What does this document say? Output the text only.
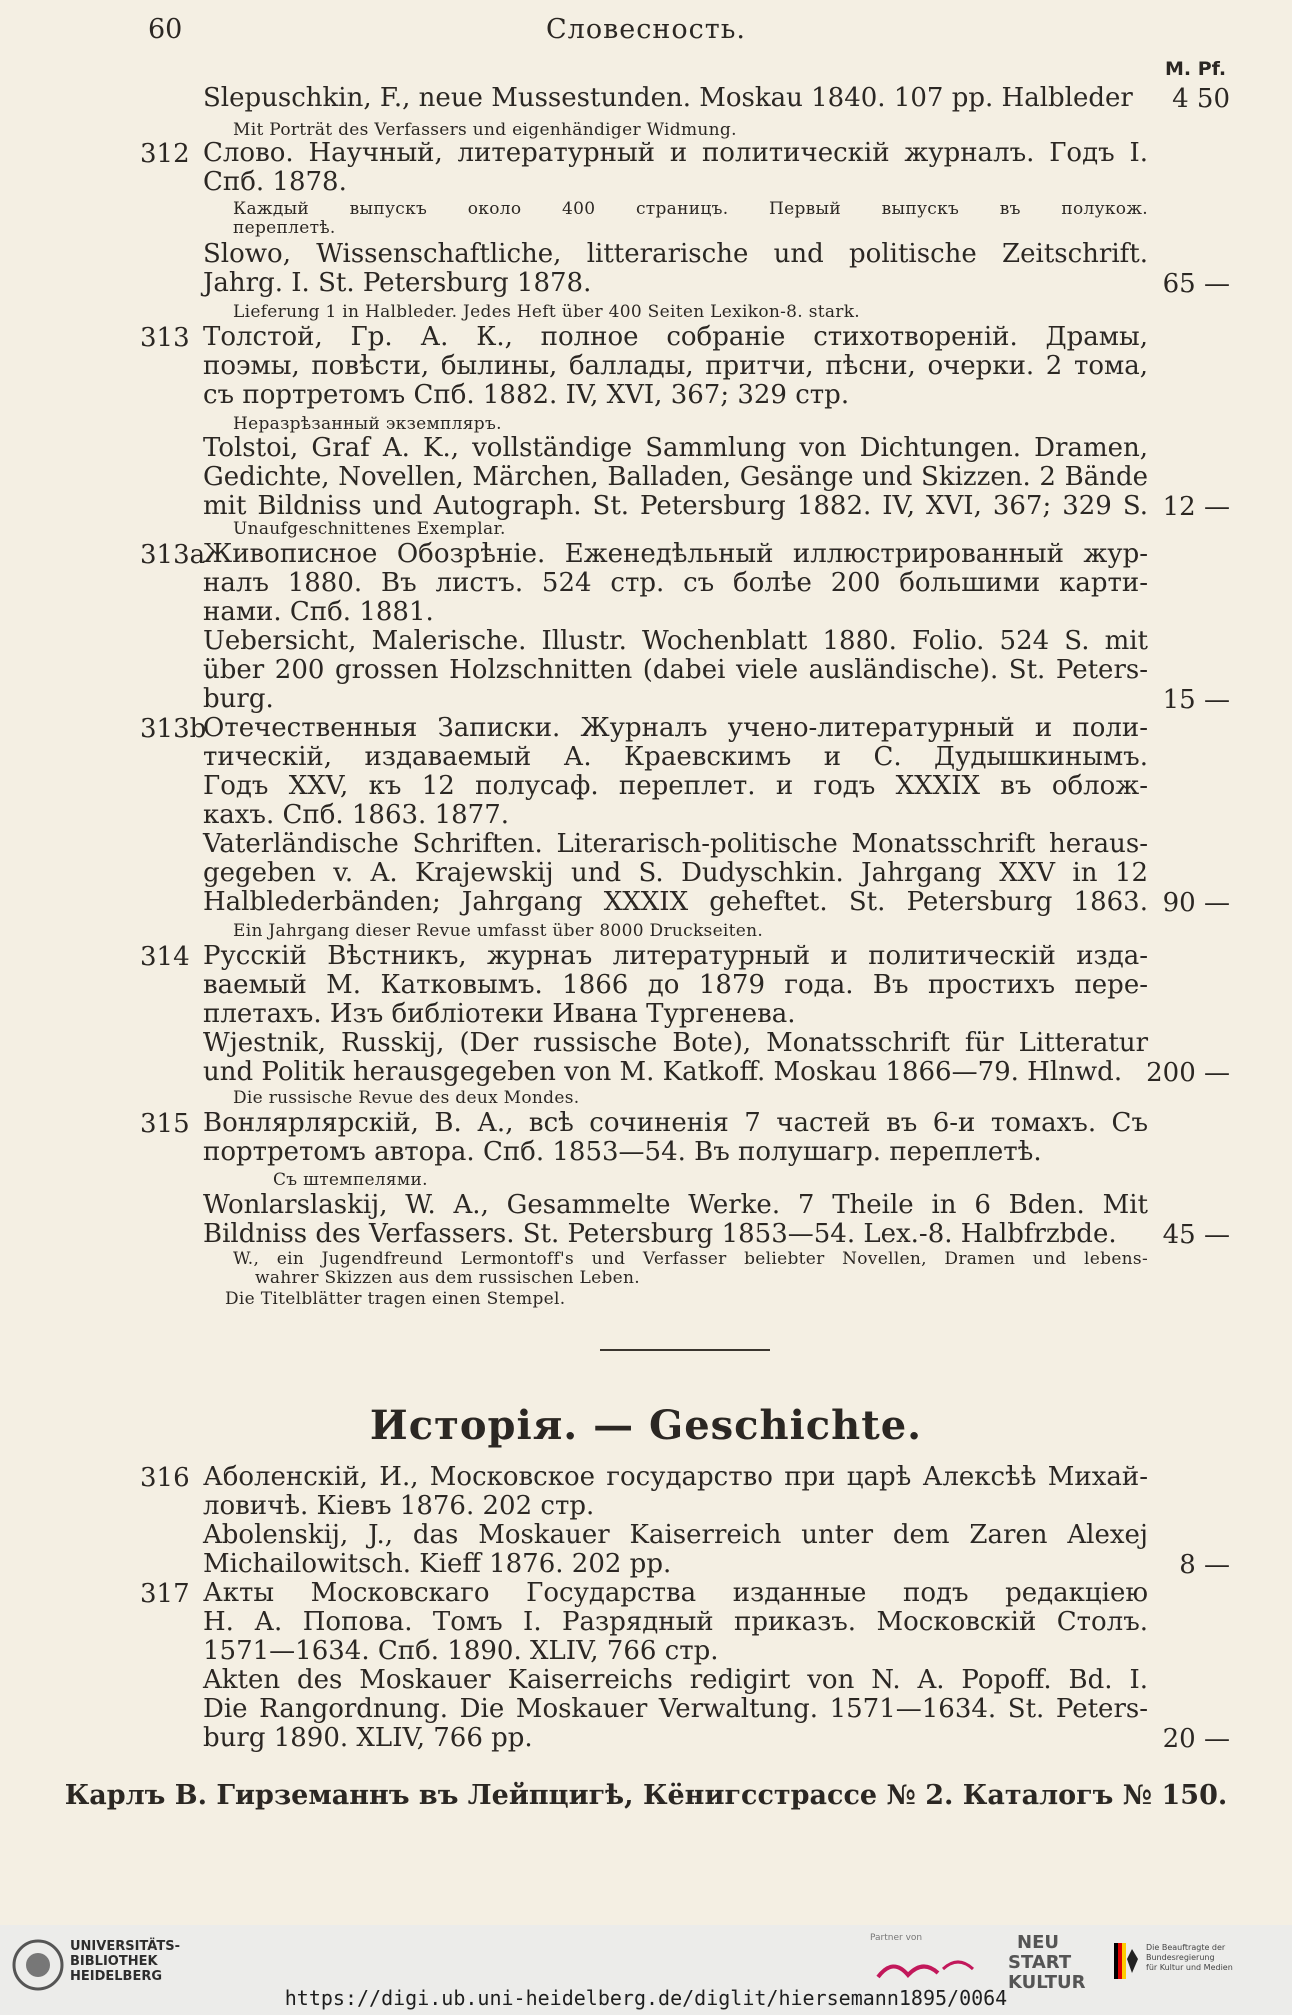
60	Словесность.
M. Pf.
Slepuschkin, F., neue Mussestunden. Moskau 1840. 107 pp. Halbleder
Mit Porträt des Verfassers und eigenhändiger Widmung.
Слово. Научный, литературный и политическій журналъ. Годъ I.
Спб. 1878.
Каждый выпускъ около 400 страницъ. Первый выпускъ въ полукож.
переплетѣ.
Slowo, Wissenschaftliche, litterarische und politische Zeitschrift.
Jahrg. I. St. Petersburg 1878.
Lieferung 1 in Halbleder. Jedes Heft über 400 Seiten Lexikon-8. stark.
Толстой, Гр. А. К., полное собраніе стихотвореній. Драмы,
поэмы, повѣсти, былины, баллады, притчи, пѣсни, очерки. 2 тома,
съ портретомъ Спб. 1882. IV, XVI, 367; 329 стр.
Неразрѣзанный экземпляръ.
Tolstoi, Graf A. K., vollständige Sammlung von Dichtungen. Dramen,
Gedichte, Novellen, Märchen, Balladen, Gesänge und Skizzen. 2 Bände
mit Bildniss und Autograph. St. Petersburg 1882. IV, XVI, 367; 329 S.
Unaufgeschnittenes Exemplar.
Живописное Обозрѣніе. Еженедѣльный иллюстрированный жур-
налъ 1880. Въ листъ. 524 стр. съ болѣе 200 большими карти-
нами. Спб. 1881.
Uebersicht, Malerische. Illustr. Wochenblatt 1880. Folio. 524 S. mit
über 200 grossen Holzschnitten (dabei viele ausländische). St. Peters-
burg.
Отечественныя Записки. Журналъ учено-литературный и поли-
тическій, издаваемый А. Краевскимъ и С. Дудышкинымъ.
Годъ XXV, къ 12 полусаф. переплет. и годъ XXXIX въ облож-
кахъ. Спб. 1863. 1877.
Vaterländische Schriften. Literarisch-politische Monatsschrift heraus-
gegeben v. A. Krajewskij und S. Dudyschkin. Jahrgang XXV in 12
Halblederbänden; Jahrgang XXXIX geheftet. St. Petersburg 1863.
Ein Jahrgang dieser Revue umfasst über 8000 Druckseiten.
Русскій Вѣстникъ, журнаъ литературный и политическій изда-
ваемый М. Катковымъ. 1866 до 1879 года. Въ простихъ пере-
плетахъ. Изъ библіотеки Ивана Тургенева.
Wjestnik, Russkij, (Der russische Bote), Monatsschrift für Litteratur
und Politik herausgegeben von M. Katkoff. Moskau 1866—79. Hlnwd.
Die russische Revue des deux Mondes.
Вонлярлярскій, В. А., всѣ сочиненія 7 частей въ 6-и томахъ. Съ
портретомъ автора. Спб. 1853—54. Въ полушагр. переплетѣ.
Съ штемпелями.
Wonlarslaskij, W. A., Gesammelte Werke. 7 Theile in 6 Bden. Mit
Bildniss des Verfassers. St. Petersburg 1853—54. Lex.-8. Halbfrzbde.
W., ein Jugendfreund Lermontoff's und Verfasser beliebter Novellen, Dramen und lebens-
wahrer Skizzen aus dem russischen Leben.
Die Titelblätter tragen einen Stempel.
Аболенскій, И., Московское государство при царѣ Алексѣѣ Михай-
ловичѣ. Кіевъ 1876. 202 стр.
Abolenskij, J., das Moskauer Kaiserreich unter dem Zaren Alexej
Michailowitsch. Kieff 1876. 202 pp.
Акты Московскаго Государства изданные подъ редакціею
Н. А. Попова. Томъ I. Разрядный приказъ. Московскій Столъ.
1571—1634. Спб. 1890. XLIV, 766 стр.
Akten des Moskauer Kaiserreichs redigirt von N. A. Popoff. Bd. I.
Die Rangordnung. Die Moskauer Verwaltung. 1571—1634. St. Peters-
burg 1890. XLIV, 766 pp.
312
313
313a
313b
314
315
316
317
4 50
65 —
12 —
15 —
90 —
200 —
45 —
8 —
20 —
Исторія. — Geschichte.
Карлъ В. Гирземаннъ въ Лейпцигѣ, Кёнигсстрассе № 2. Каталогъ № 150.
UNIVERSITÄTS-
BIBLIOTHEK
HEIDELBERG
Partner von	NEU
START
KULTUR
Die Beauftragte der Bundesregierung
für Kultur und Medien
https://digi.ub.uni-heidelberg.de/diglit/hiersemann1895/0064
